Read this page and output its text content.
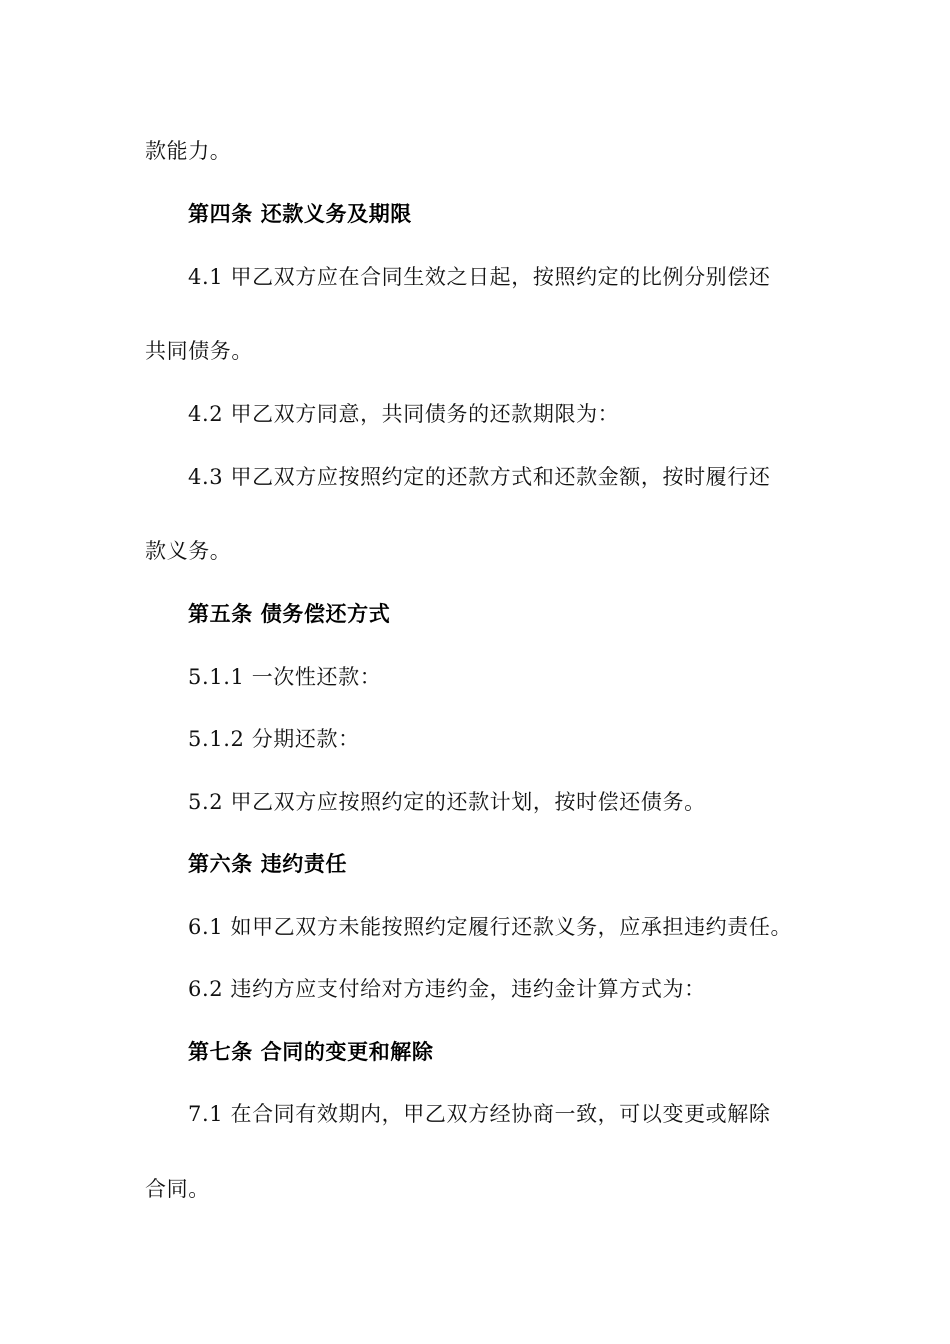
款能力。
第四条 还款义务及期限
4.1 甲乙双方应在合同生效之日起，按照约定的比例分别偿还
共同债务。
4.2 甲乙双方同意，共同债务的还款期限为：
4.3 甲乙双方应按照约定的还款方式和还款金额，按时履行还
款义务。
第五条 债务偿还方式
5.1.1 一次性还款：
5.1.2 分期还款：
5.2 甲乙双方应按照约定的还款计划，按时偿还债务。
第六条 违约责任
6.1 如甲乙双方未能按照约定履行还款义务，应承担违约责任。
6.2 违约方应支付给对方违约金，违约金计算方式为：
第七条 合同的变更和解除
7.1 在合同有效期内，甲乙双方经协商一致，可以变更或解除
合同。
